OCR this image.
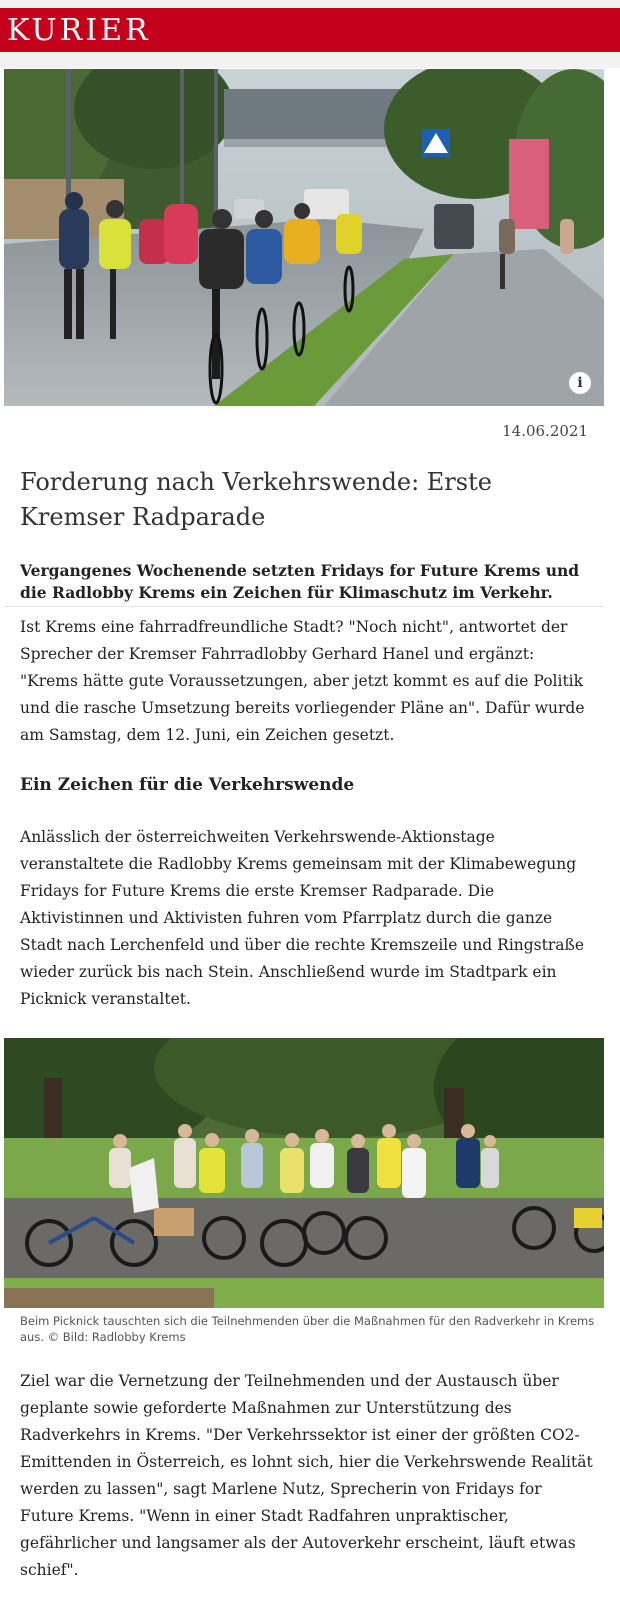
KURIER
i
14.06.2021
Forderung nach Verkehrswende: Erste Kremser Radparade

Vergangenes Wochenende setzten Fridays for Future Krems und die Radlobby Krems ein Zeichen für Klimaschutz im Verkehr.

Ist Krems eine fahrradfreundliche Stadt? "Noch nicht", antwortet der Sprecher der Kremser Fahrradlobby Gerhard Hanel und ergänzt: "Krems hätte gute Voraussetzungen, aber jetzt kommt es auf die Politik und die rasche Umsetzung bereits vorliegender Pläne an". Dafür wurde am Samstag, dem 12. Juni, ein Zeichen gesetzt.

Ein Zeichen für die Verkehrswende

Anlässlich der österreichweiten Verkehrswende-Aktionstage veranstaltete die Radlobby Krems gemeinsam mit der Klimabewegung Fridays for Future Krems die erste Kremser Radparade. Die Aktivistinnen und Aktivisten fuhren vom Pfarrplatz durch die ganze Stadt nach Lerchenfeld und über die rechte Kremszeile und Ringstraße wieder zurück bis nach Stein. Anschließend wurde im Stadtpark ein Picknick veranstaltet.

Beim Picknick tauschten sich die Teilnehmenden über die Maßnahmen für den Radverkehr in Krems aus. © Bild: Radlobby Krems

Ziel war die Vernetzung der Teilnehmenden und der Austausch über geplante sowie geforderte Maßnahmen zur Unterstützung des Radverkehrs in Krems. "Der Verkehrssektor ist einer der größten CO2-Emittenden in Österreich, es lohnt sich, hier die Verkehrswende Realität werden zu lassen", sagt Marlene Nutz, Sprecherin von Fridays for Future Krems. "Wenn in einer Stadt Radfahren unpraktischer, gefährlicher und langsamer als der Autoverkehr erscheint, läuft etwas schief".
